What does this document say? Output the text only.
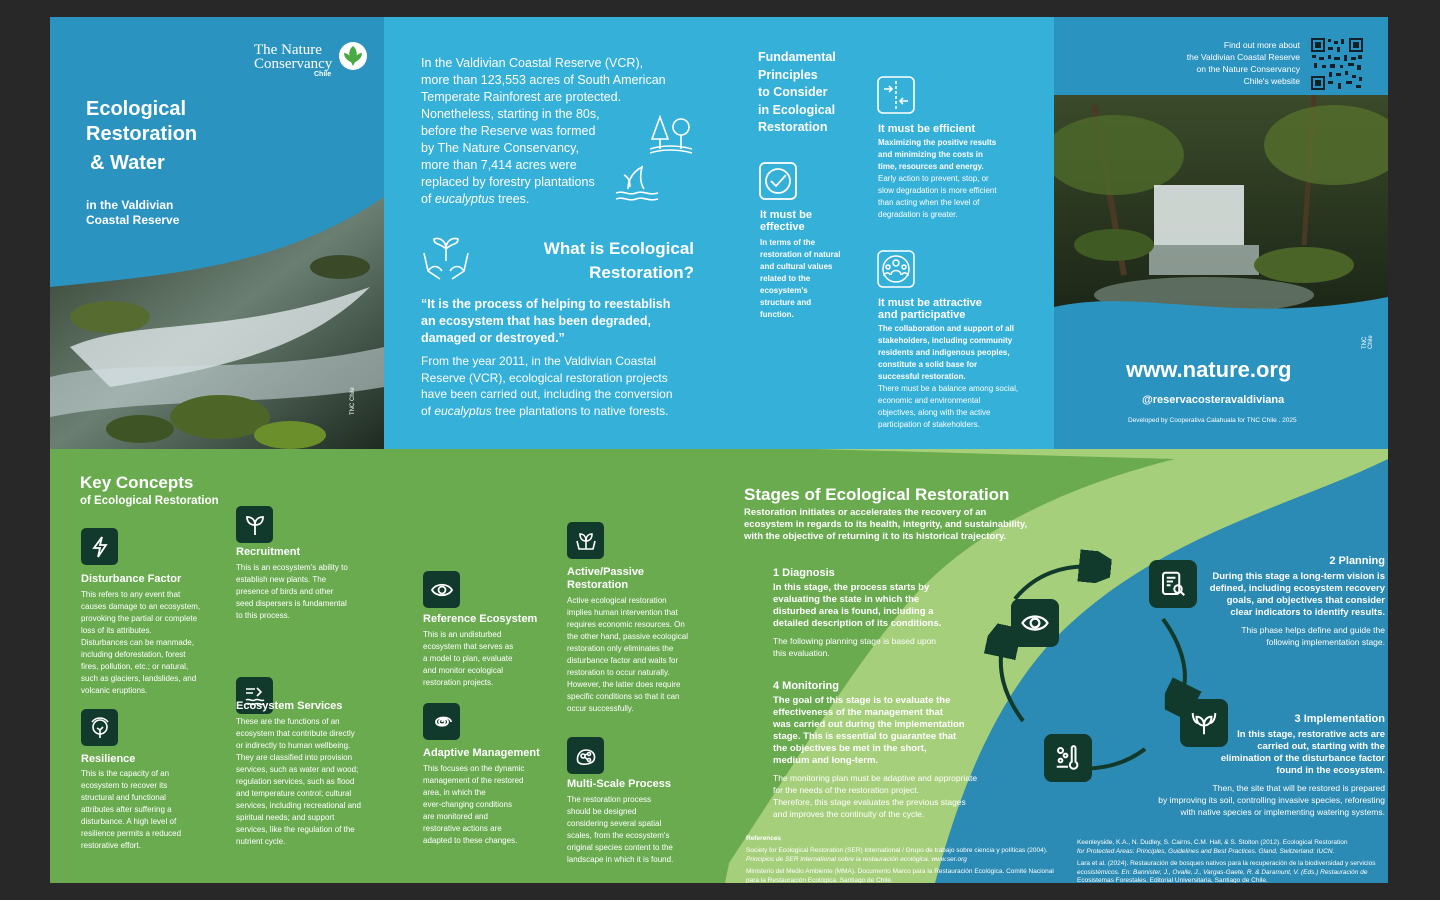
The Nature
Conservancy
Chile
Ecological
Restoration
& Water
in the Valdivian
Coastal Reserve
TNC Chile
In the Valdivian Coastal Reserve (VCR),
more than 123,553 acres of South American
Temperate Rainforest are protected.
Nonetheless, starting in the 80s,
before the Reserve was formed
by The Nature Conservancy,
more than 7,414 acres were
replaced by forestry plantations
of eucalyptus trees.
What is Ecological
Restoration?
“It is the process of helping to reestablish
an ecosystem that has been degraded,
damaged or destroyed.”
From the year 2011, in the Valdivian Coastal
Reserve (VCR), ecological restoration projects
have been carried out, including the conversion
of eucalyptus tree plantations to native forests.
Fundamental
Principles
to Consider
in Ecological
Restoration	It must be efficient
Maximizing the positive results
and minimizing the costs in
time, resources and energy.
Early action to prevent, stop, or
slow degradation is more efficient
than acting when the level of
degradation is greater.
It must be
effective
In terms of the
restoration of natural
and cultural values
related to the
ecosystem's
structure and
function.
It must be attractive
and participative
The collaboration and support of all
stakeholders, including community
residents and indigenous peoples,
constitute a solid base for
successful restoration.
There must be a balance among social,
economic and environmental
objectives, along with the active
participation of stakeholders.
Find out more about
the Valdivian Coastal Reserve
on the Nature Conservancy
Chile's website
TNC Chile
www.nature.org
@reservacosteravaldiviana
Developed by Cooperativa Calahuala for TNC Chile . 2025
Key Concepts
of Ecological Restoration
Disturbance Factor
This refers to any event that
causes damage to an ecosystem,
provoking the partial or complete
loss of its attributes.
Disturbances can be manmade,
including deforestation, forest
fires, pollution, etc.; or natural,
such as glaciers, landslides, and
volcanic eruptions.
Resilience
This is the capacity of an
ecosystem to recover its
structural and functional
attributes after suffering a
disturbance. A high level of
resilience permits a reduced
restorative effort.
Recruitment
This is an ecosystem's ability to
establish new plants. The
presence of birds and other
seed dispersers is fundamental
to this process.
Ecosystem Services
These are the functions of an
ecosystem that contribute directly
or indirectly to human wellbeing.
They are classified into provision
services, such as water and wood;
regulation services, such as flood
and temperature control; cultural
services, including recreational and
spiritual needs; and support
services, like the regulation of the
nutrient cycle.
Reference Ecosystem
This is an undisturbed
ecosystem that serves as
a model to plan, evaluate
and monitor ecological
restoration projects.
Adaptive Management
This focuses on the dynamic
management of the restored
area, in which the
ever-changing conditions
are monitored and
restorative actions are
adapted to these changes.
Active/Passive
Restoration
Active ecological restoration
implies human intervention that
requires economic resources. On
the other hand, passive ecological
restoration only eliminates the
disturbance factor and waits for
restoration to occur naturally.
However, the latter does require
specific conditions so that it can
occur successfully.
Multi-Scale Process
The restoration process
should be designed
considering several spatial
scales, from the ecosystem's
original species content to the
landscape in which it is found.
Stages of Ecological Restoration
Restoration initiates or accelerates the recovery of an
ecosystem in regards to its health, integrity, and sustainability,
with the objective of returning it to its historical trajectory.
1 Diagnosis
In this stage, the process starts by
evaluating the state in which the
disturbed area is found, including a
detailed description of its conditions.
The following planning stage is based upon
this evaluation.
2 Planning
During this stage a long-term vision is
defined, including ecosystem recovery
goals, and objectives that consider
clear indicators to identify results.
This phase helps define and guide the
following implementation stage.
3 Implementation
In this stage, restorative acts are
carried out, starting with the
elimination of the disturbance factor
found in the ecosystem.
Then, the site that will be restored is prepared
by improving its soil, controlling invasive species, reforesting
with native species or implementing watering systems.
4 Monitoring
The goal of this stage is to evaluate the
effectiveness of the management that
was carried out during the implementation
stage. This is essential to guarantee that
the objectives be met in the short,
medium and long-term.
The monitoring plan must be adaptive and appropriate
for the needs of the restoration project.
Therefore, this stage evaluates the previous stages
and improves the continuity of the cycle.
References
Society for Ecological Restoration (SER) International / Grupo de trabajo sobre ciencia y políticas (2004).
Principios de SER International sobre la restauración ecológica. www.ser.org
Ministerio del Medio Ambiente (MMA). Documento Marco para la Restauración Ecológica. Comité Nacional
para la Restauración Ecológica. Santiago de Chile.
Keenleyside, K.A., N. Dudley, S. Cairns, C.M. Hall, & S. Stolton (2012). Ecological Restoration
for Protected Areas: Principles, Guidelines and Best Practices. Gland, Switzerland: IUCN.
Lara et al. (2024). Restauración de bosques nativos para la recuperación de la biodiversidad y servicios
ecosistémicos. En: Bannister, J., Ovalle, J., Vargas-Gaete, R. & Daramunt, V. (Eds.) Restauración de
Ecosistemas Forestales. Editorial Universitaria, Santiago de Chile.
